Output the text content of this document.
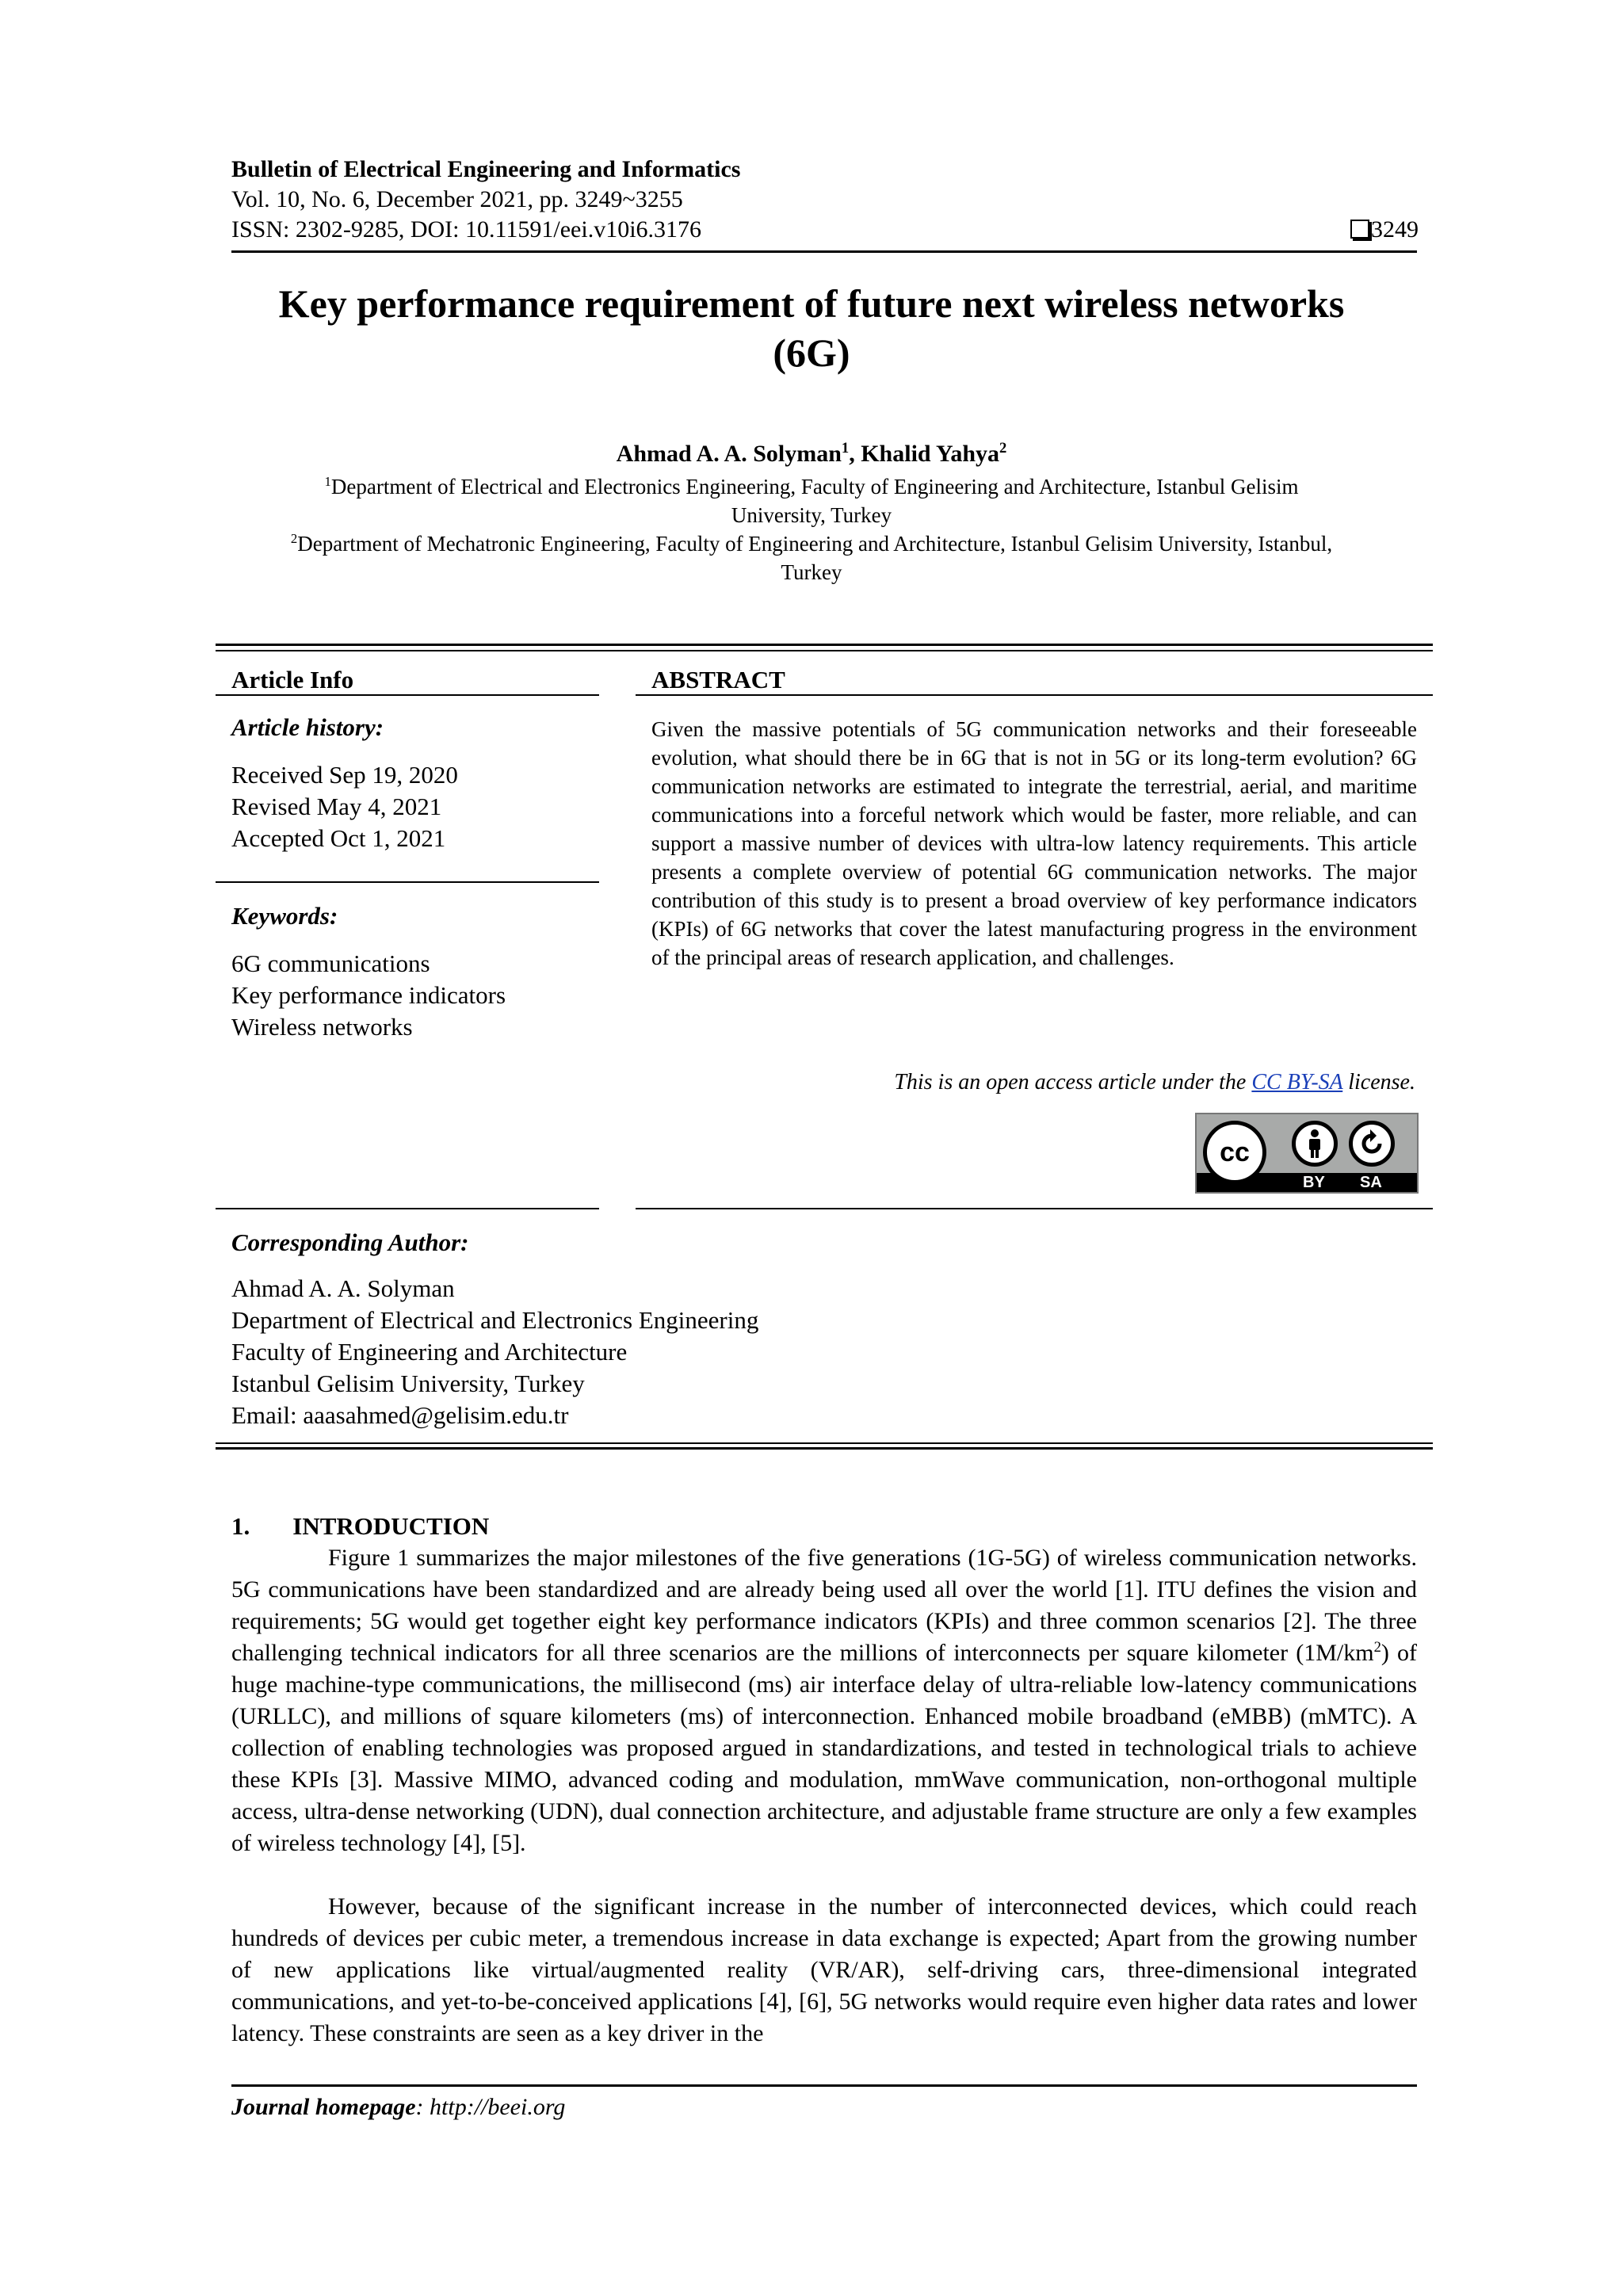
Bulletin of Electrical Engineering and Informatics
Vol. 10, No. 6, December 2021, pp. 3249~3255
ISSN: 2302-9285, DOI: 10.11591/eei.v10i6.3176	3249
Key performance requirement of future next wireless networks
(6G)
Ahmad A. A. Solyman$^1$, Khalid Yahya$^2$
$^1$Department of Electrical and Electronics Engineering, Faculty of Engineering and Architecture, Istanbul Gelisim
University, Turkey
$^2$Department of Mechatronic Engineering, Faculty of Engineering and Architecture, Istanbul Gelisim University, Istanbul,
Turkey
Article Info
Article history:
Received Sep 19, 2020
Revised May 4, 2021
Accepted Oct 1, 2021
Keywords:
6G communications
Key performance indicators
Wireless networks
ABSTRACT
Given the massive potentials of 5G communication networks and their foreseeable evolution, what should there be in 6G that is not in 5G or its long-term evolution? 6G communication networks are estimated to integrate the terrestrial, aerial, and maritime communications into a forceful network which would be faster, more reliable, and can support a massive number of devices with ultra-low latency requirements. This article presents a complete overview of potential 6G communication networks. The major contribution of this study is to present a broad overview of key performance indicators (KPIs) of 6G networks that cover the latest manufacturing progress in the environment of the principal areas of research application, and challenges.
This is an open access article under the CC BY-SA license.
cc
BY SA
Corresponding Author:
Ahmad A. A. Solyman
Department of Electrical and Electronics Engineering
Faculty of Engineering and Architecture
Istanbul Gelisim University, Turkey
Email: aaasahmed@gelisim.edu.tr
1. INTRODUCTION
Figure 1 summarizes the major milestones of the five generations (1G-5G) of wireless communication networks. 5G communications have been standardized and are already being used all over the world [1]. ITU defines the vision and requirements; 5G would get together eight key performance indicators (KPIs) and three common scenarios [2]. The three challenging technical indicators for all three scenarios are the millions of interconnects per square kilometer $(1M/km^2)$ of huge machine-type communications, the millisecond (ms) air interface delay of ultra-reliable low-latency communications (URLLC), and millions of square kilometers (ms) of interconnection. Enhanced mobile broadband (eMBB) (mMTC). A collection of enabling technologies was proposed argued in standardizations, and tested in technological trials to achieve these KPIs [3]. Massive MIMO, advanced coding and modulation, mmWave communication, non-orthogonal multiple access, ultra-dense networking (UDN), dual connection architecture, and adjustable frame structure are only a few examples of wireless technology [4], [5].
However, because of the significant increase in the number of interconnected devices, which could reach hundreds of devices per cubic meter, a tremendous increase in data exchange is expected; Apart from the growing number of new applications like virtual/augmented reality (VR/AR), self-driving cars, three-dimensional integrated communications, and yet-to-be-conceived applications [4], [6], 5G networks would require even higher data rates and lower latency. These constraints are seen as a key driver in the
Journal homepage: http://beei.org
